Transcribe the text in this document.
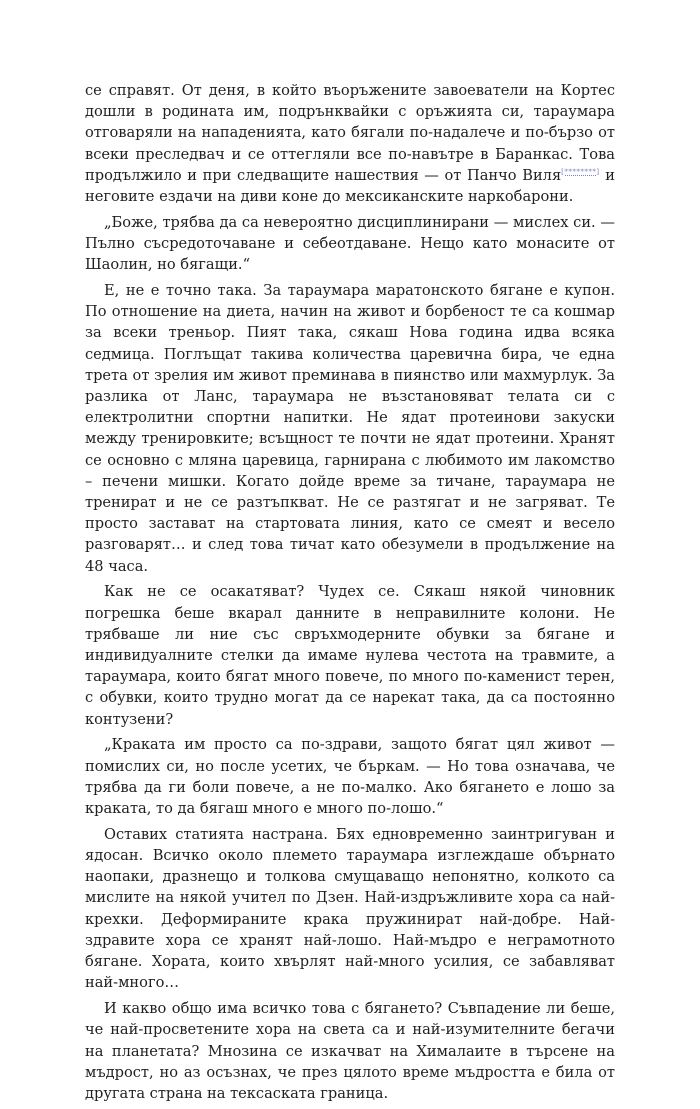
се справят. От деня, в който въоръжените завоеватели на Кортес дошли в родината им, подрънквайки с оръжията си, тараумара отговаряли на нападенията, като бягали по-надалече и по-бързо от всеки преследвач и се оттегляли все по-навътре в Баранкас. Това продължило и при следващите нашествия — от Панчо Виля[********] и неговите ездачи на диви коне до мексиканските наркобарони.

„Боже, трябва да са невероятно дисциплинирани — мислех си. — Пълно съсредоточаване и себеотдаване. Нещо като монасите от Шаолин, но бягащи.“

Е, не е точно така. За тараумара маратонското бягане е купон. По отношение на диета, начин на живот и борбеност те са кошмар за всеки треньор. Пият така, сякаш Нова година идва всяка седмица. Поглъщат такива количества царевична бира, че една трета от зрелия им живот преминава в пиянство или махмурлук. За разлика от Ланс, тараумара не възстановяват телата си с електролитни спортни напитки. Не ядат протеинови закуски между тренировките; всъщност те почти не ядат протеини. Хранят се основно с мляна царевица, гарнирана с любимото им лакомство – печени мишки. Когато дойде време за тичане, тараумара не тренират и не се разтъпкват. Не се разтягат и не загряват. Те просто застават на стартовата линия, като се смеят и весело разговарят… и след това тичат като обезумели в продължение на 48 часа.

Как не се осакатяват? Чудех се. Сякаш някой чиновник погрешка беше вкарал данните в неправилните колони. Не трябваше ли ние със свръхмодерните обувки за бягане и индивидуалните стелки да имаме нулева честота на травмите, а тараумара, които бягат много повече, по много по-каменист терен, с обувки, които трудно могат да се нарекат така, да са постоянно контузени?

„Краката им просто са по-здрави, защото бягат цял живот — помислих си, но после усетих, че бъркам. — Но това означава, че трябва да ги боли повече, а не по-малко. Ако бягането е лошо за краката, то да бягаш много е много по-лошо.“

Оставих статията настрана. Бях едновременно заинтригуван и ядосан. Всичко около племето тараумара изглеждаше обърнато наопаки, дразнещо и толкова смущаващо непонятно, колкото са мислите на някой учител по Дзен. Най-издръжливите хора са най-крехки. Деформираните крака пружинират най-добре. Най-здравите хора се хранят най-лошо. Най-мъдро е неграмотното бягане. Хората, които хвърлят най-много усилия, се забавляват най-много…

И какво общо има всичко това с бягането? Съвпадение ли беше, че най-просветените хора на света са и най-изумителните бегачи на планетата? Мнозина се изкачват на Хималаите в търсене на мъдрост, но аз осъзнах, че през цялото време мъдростта е била от другата страна на тексаската граница.
